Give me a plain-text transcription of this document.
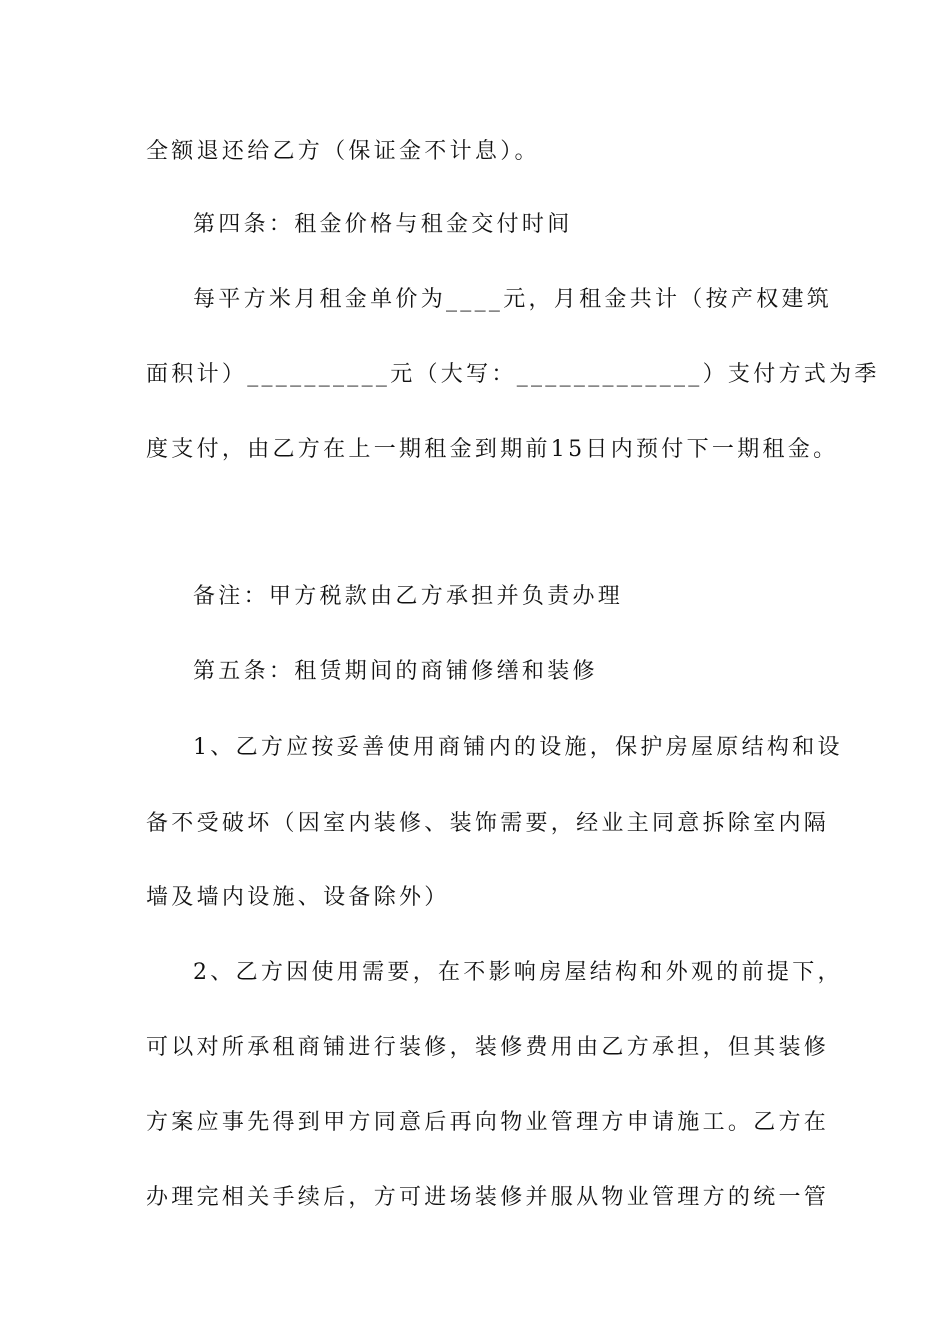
全额退还给乙方（保证金不计息）。
第四条：租金价格与租金交付时间
每平方米月租金单价为____元，月租金共计（按产权建筑
面积计）__________元（大写：_____________）支付方式为季
度支付，由乙方在上一期租金到期前15日内预付下一期租金。
备注：甲方税款由乙方承担并负责办理
第五条：租赁期间的商铺修缮和装修
1、乙方应按妥善使用商铺内的设施，保护房屋原结构和设
备不受破坏（因室内装修、装饰需要，经业主同意拆除室内隔
墙及墙内设施、设备除外）
2、乙方因使用需要，在不影响房屋结构和外观的前提下，
可以对所承租商铺进行装修，装修费用由乙方承担，但其装修
方案应事先得到甲方同意后再向物业管理方申请施工。乙方在
办理完相关手续后，方可进场装修并服从物业管理方的统一管
